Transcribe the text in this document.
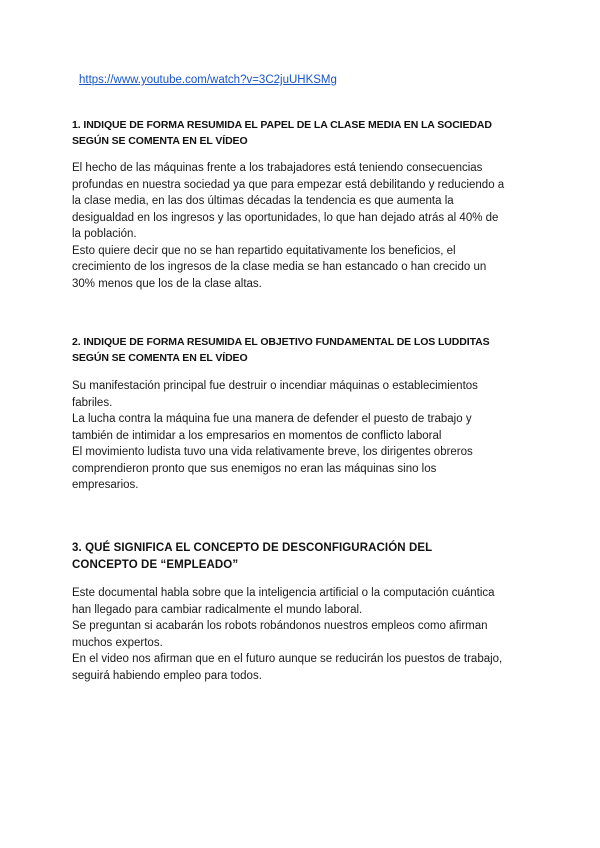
https://www.youtube.com/watch?v=3C2juUHKSMg
1. INDIQUE DE FORMA RESUMIDA EL PAPEL DE LA CLASE MEDIA EN LA SOCIEDAD
SEGÚN SE COMENTA EN EL VÍDEO
El hecho de las máquinas frente a los trabajadores está teniendo consecuencias
profundas en nuestra sociedad ya que para empezar está debilitando y reduciendo a
la clase media, en las dos últimas décadas la tendencia es que aumenta la
desigualdad en los ingresos y las oportunidades, lo que han dejado atrás al 40% de
la población.
Esto quiere decir que no se han repartido equitativamente los beneficios, el
crecimiento de los ingresos de la clase media se han estancado o han crecido un
30% menos que los de la clase altas.
2. INDIQUE DE FORMA RESUMIDA EL OBJETIVO FUNDAMENTAL DE LOS LUDDITAS
SEGÚN SE COMENTA EN EL VÍDEO
Su manifestación principal fue destruir o incendiar máquinas o establecimientos
fabriles.
La lucha contra la máquina fue una manera de defender el puesto de trabajo y
también de intimidar a los empresarios en momentos de conflicto laboral
El movimiento ludista tuvo una vida relativamente breve, los dirigentes obreros
comprendieron pronto que sus enemigos no eran las máquinas sino los
empresarios.
3. QUÉ SIGNIFICA EL CONCEPTO DE DESCONFIGURACIÓN DEL
CONCEPTO DE “EMPLEADO”
Este documental habla sobre que la inteligencia artificial o la computación cuántica
han llegado para cambiar radicalmente el mundo laboral.
Se preguntan si acabarán los robots robándonos nuestros empleos como afirman
muchos expertos.
En el video nos afirman que en el futuro aunque se reducirán los puestos de trabajo,
seguirá habiendo empleo para todos.
